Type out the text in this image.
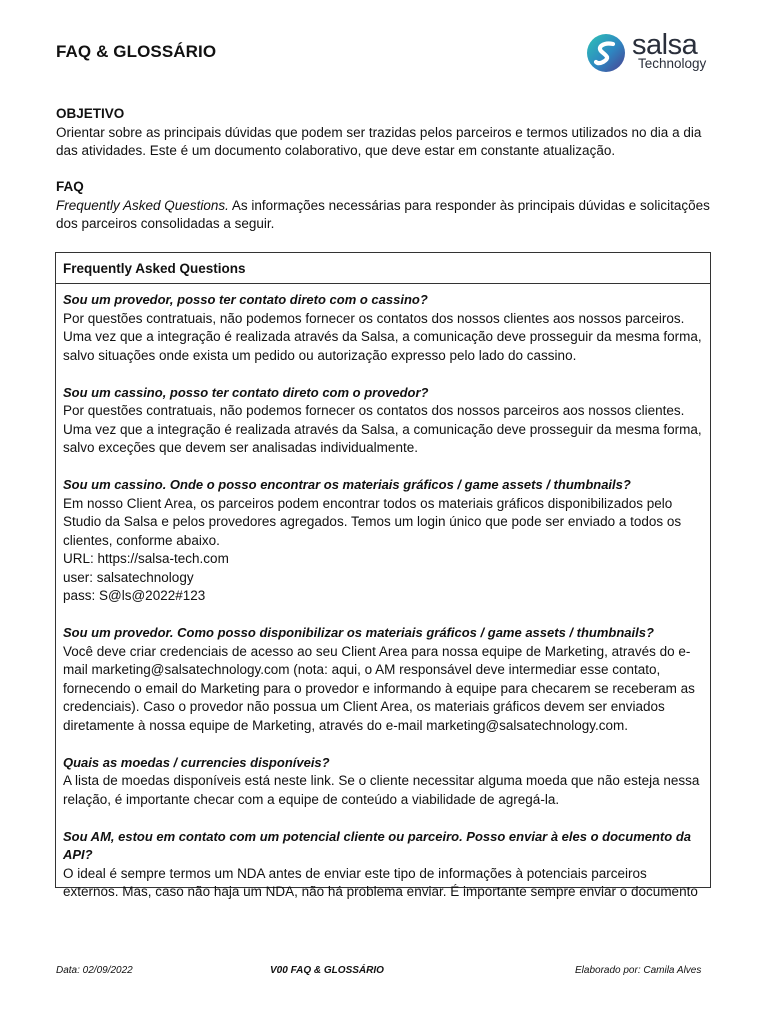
FAQ & GLOSSÁRIO	salsa
Technology
OBJETIVO

Orientar sobre as principais dúvidas que podem ser trazidas pelos parceiros e termos utilizados no dia a dia das atividades. Este é um documento colaborativo, que deve estar em constante atualização.

FAQ

Frequently Asked Questions. As informações necessárias para responder às principais dúvidas e solicitações dos parceiros consolidadas a seguir.

Frequently Asked Questions
Sou um provedor, posso ter contato direto com o cassino?

Por questões contratuais, não podemos fornecer os contatos dos nossos clientes aos nossos parceiros. Uma vez que a integração é realizada através da Salsa, a comunicação deve prosseguir da mesma forma, salvo situações onde exista um pedido ou autorização expresso pelo lado do cassino.

Sou um cassino, posso ter contato direto com o provedor?

Por questões contratuais, não podemos fornecer os contatos dos nossos parceiros aos nossos clientes. Uma vez que a integração é realizada através da Salsa, a comunicação deve prosseguir da mesma forma, salvo exceções que devem ser analisadas individualmente.

Sou um cassino. Onde o posso encontrar os materiais gráficos / game assets / thumbnails?

Em nosso Client Area, os parceiros podem encontrar todos os materiais gráficos disponibilizados pelo Studio da Salsa e pelos provedores agregados. Temos um login único que pode ser enviado a todos os clientes, conforme abaixo.

URL: https://salsa-tech.com

user: salsatechnology

pass: S@ls@2022#123

Sou um provedor. Como posso disponibilizar os materiais gráficos / game assets / thumbnails?

Você deve criar credenciais de acesso ao seu Client Area para nossa equipe de Marketing, através do e-mail marketing@salsatechnology.com (nota: aqui, o AM responsável deve intermediar esse contato, fornecendo o email do Marketing para o provedor e informando à equipe para checarem se receberam as credenciais). Caso o provedor não possua um Client Area, os materiais gráficos devem ser enviados diretamente à nossa equipe de Marketing, através do e-mail marketing@salsatechnology.com.

Quais as moedas / currencies disponíveis?

A lista de moedas disponíveis está neste link. Se o cliente necessitar alguma moeda que não esteja nessa relação, é importante checar com a equipe de conteúdo a viabilidade de agregá-la.

Sou AM, estou em contato com um potencial cliente ou parceiro. Posso enviar à eles o documento da API?

O ideal é sempre termos um NDA antes de enviar este tipo de informações à potenciais parceiros externos. Mas, caso não haja um NDA, não há problema enviar. É importante sempre enviar o documento

Data: 02/09/2022	V00 FAQ & GLOSSÁRIO	Elaborado por: Camila Alves
